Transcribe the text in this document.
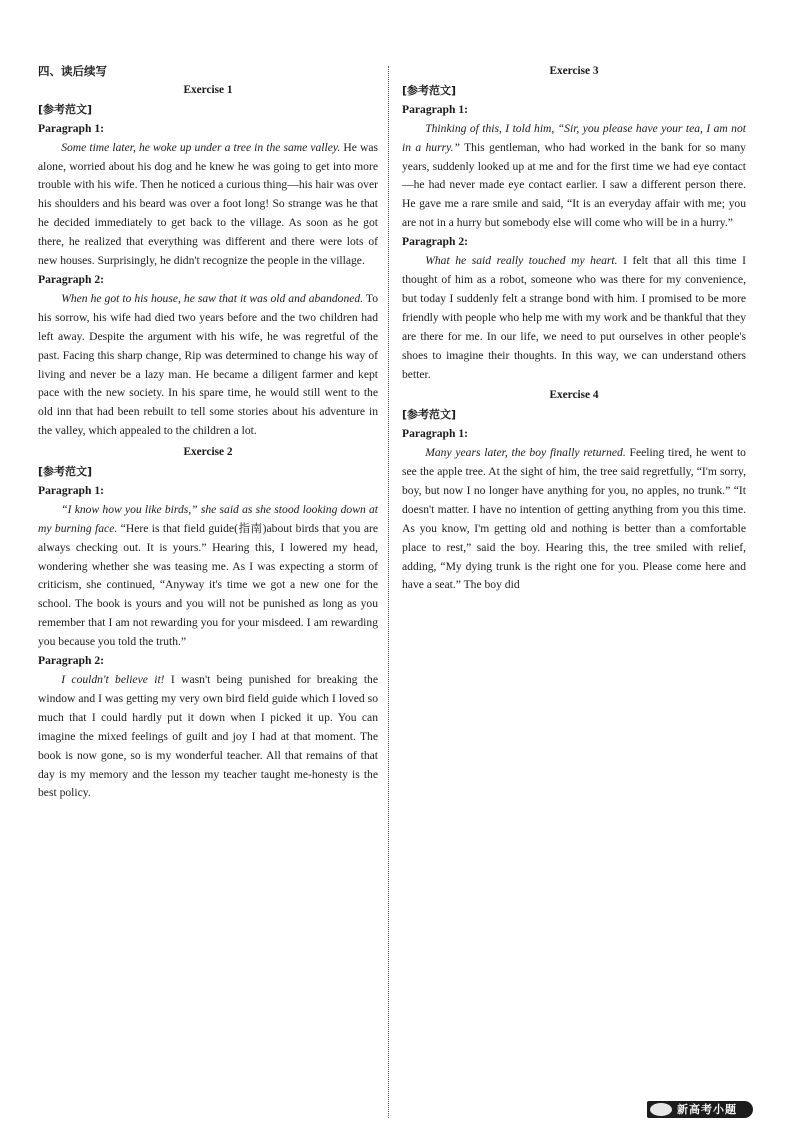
四、读后续写
Exercise 1
[参考范文]
Paragraph 1:

Some time later, he woke up under a tree in the same valley. He was alone, worried about his dog and he knew he was going to get into more trouble with his wife. Then he noticed a curious thing—his hair was over his shoulders and his beard was over a foot long! So strange was he that he decided immediately to get back to the village. As soon as he got there, he realized that everything was different and there were lots of new houses. Surprisingly, he didn't recognize the people in the village.

Paragraph 2:

When he got to his house, he saw that it was old and abandoned. To his sorrow, his wife had died two years before and the two children had left away. Despite the argument with his wife, he was regretful of the past. Facing this sharp change, Rip was determined to change his way of living and never be a lazy man. He became a diligent farmer and kept pace with the new society. In his spare time, he would still went to the old inn that had been rebuilt to tell some stories about his adventure in the valley, which appealed to the children a lot.

Exercise 2
[参考范文]
Paragraph 1:

“I know how you like birds,” she said as she stood looking down at my burning face. “Here is that field guide(指南)about birds that you are always checking out. It is yours.” Hearing this, I lowered my head, wondering whether she was teasing me. As I was expecting a storm of criticism, she continued, “Anyway it's time we got a new one for the school. The book is yours and you will not be punished as long as you remember that I am not rewarding you for your misdeed. I am rewarding you because you told the truth.”

Paragraph 2:

I couldn't believe it! I wasn't being punished for breaking the window and I was getting my very own bird field guide which I loved so much that I could hardly put it down when I picked it up. You can imagine the mixed feelings of guilt and joy I had at that moment. The book is now gone, so is my wonderful teacher. All that remains of that day is my memory and the lesson my teacher taught me-honesty is the best policy.

Exercise 3
[参考范文]
Paragraph 1:

Thinking of this, I told him, “Sir, you please have your tea, I am not in a hurry.” This gentleman, who had worked in the bank for so many years, suddenly looked up at me and for the first time we had eye contact—he had never made eye contact earlier. I saw a different person there. He gave me a rare smile and said, “It is an everyday affair with me; you are not in a hurry but somebody else will come who will be in a hurry.”

Paragraph 2:

What he said really touched my heart. I felt that all this time I thought of him as a robot, someone who was there for my convenience, but today I suddenly felt a strange bond with him. I promised to be more friendly with people who help me with my work and be thankful that they are there for me. In our life, we need to put ourselves in other people's shoes to imagine their thoughts. In this way, we can understand others better.

Exercise 4
[参考范文]
Paragraph 1:

Many years later, the boy finally returned. Feeling tired, he went to see the apple tree. At the sight of him, the tree said regretfully, “I'm sorry, boy, but now I no longer have anything for you, no apples, no trunk.” “It doesn't matter. I have no intention of getting anything from you this time. As you know, I'm getting old and nothing is better than a comfortable place to rest,” said the boy. Hearing this, the tree smiled with relief, adding, “My dying trunk is the right one for you. Please come here and have a seat.” The boy did

新高考小题
